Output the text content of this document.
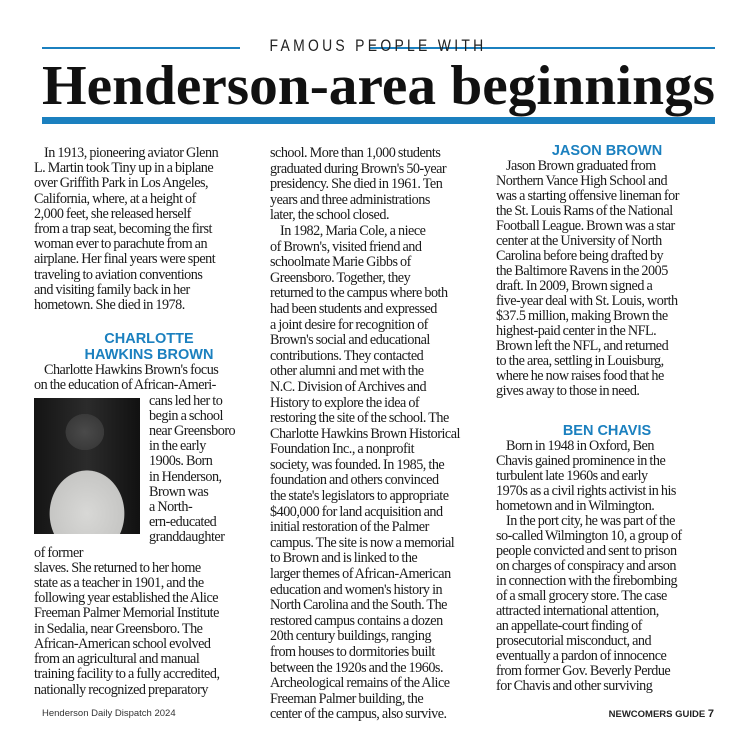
FAMOUS PEOPLE WITH
Henderson-area beginnings

In 1913, pioneering aviator Glenn
L. Martin took Tiny up in a biplane
over Griffith Park in Los Angeles,
California, where, at a height of
2,000 feet, she released herself
from a trap seat, becoming the first
woman ever to parachute from an
airplane. Her final years were spent
traveling to aviation conventions
and visiting family back in her
hometown. She died in 1978.

CHARLOTTE
HAWKINS BROWN

Charlotte Hawkins Brown's focus
on the education of African-Ameri-

cans led her to
begin a school
near Greensboro
in the early
1900s. Born
in Henderson,
Brown was
a North-
ern-educated
granddaughter
of former

slaves. She returned to her home
state as a teacher in 1901, and the
following year established the Alice
Freeman Palmer Memorial Institute
in Sedalia, near Greensboro. The
African-American school evolved
from an agricultural and manual
training facility to a fully accredited,
nationally recognized preparatory

school. More than 1,000 students
graduated during Brown's 50-year
presidency. She died in 1961. Ten
years and three administrations
later, the school closed.

In 1982, Maria Cole, a niece
of Brown's, visited friend and
schoolmate Marie Gibbs of
Greensboro. Together, they
returned to the campus where both
had been students and expressed
a joint desire for recognition of
Brown's social and educational
contributions. They contacted
other alumni and met with the
N.C. Division of Archives and
History to explore the idea of
restoring the site of the school. The
Charlotte Hawkins Brown Historical
Foundation Inc., a nonprofit
society, was founded. In 1985, the
foundation and others convinced
the state's legislators to appropriate
$400,000 for land acquisition and
initial restoration of the Palmer
campus. The site is now a memorial
to Brown and is linked to the
larger themes of African-American
education and women's history in
North Carolina and the South. The
restored campus contains a dozen
20th century buildings, ranging
from houses to dormitories built
between the 1920s and the 1960s.
Archeological remains of the Alice
Freeman Palmer building, the
center of the campus, also survive.

JASON BROWN

Jason Brown graduated from
Northern Vance High School and
was a starting offensive lineman for
the St. Louis Rams of the National
Football League. Brown was a star
center at the University of North
Carolina before being drafted by
the Baltimore Ravens in the 2005
draft. In 2009, Brown signed a
five-year deal with St. Louis, worth
$37.5 million, making Brown the
highest-paid center in the NFL.
Brown left the NFL, and returned
to the area, settling in Louisburg,
where he now raises food that he
gives away to those in need.

BEN CHAVIS

Born in 1948 in Oxford, Ben
Chavis gained prominence in the
turbulent late 1960s and early
1970s as a civil rights activist in his
hometown and in Wilmington.

In the port city, he was part of the
so-called Wilmington 10, a group of
people convicted and sent to prison
on charges of conspiracy and arson
in connection with the firebombing
of a small grocery store. The case
attracted international attention,
an appellate-court finding of
prosecutorial misconduct, and
eventually a pardon of innocence
from former Gov. Beverly Perdue
for Chavis and other surviving

Henderson Daily Dispatch 2024	NEWCOMERS GUIDE 7
